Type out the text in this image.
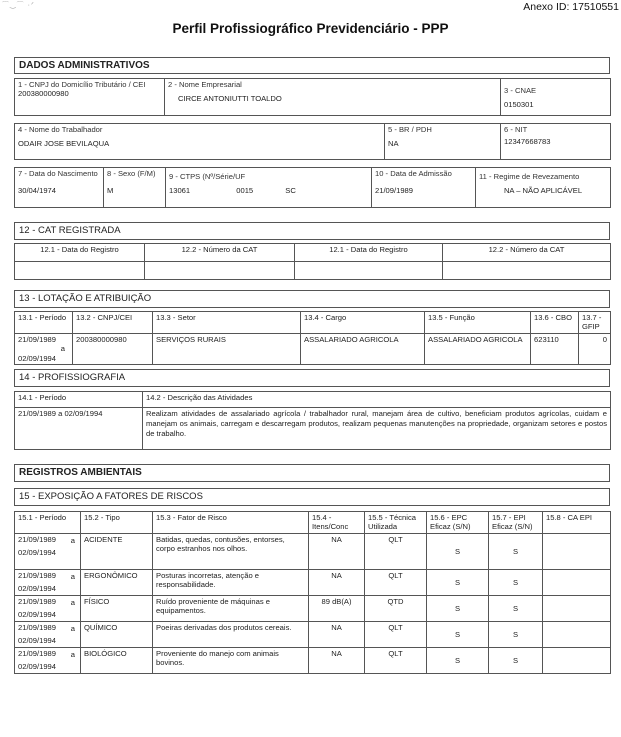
⌒‿⌒ ·ᐟ	Anexo ID: 17510551
Perfil Profissiográfico Previdenciário - PPP
DADOS ADMINISTRATIVOS
1 - CNPJ do Domicílio Tributário / CEI
200380000980	
2 - Nome Empresarial
CIRCE ANTONIUTTI TOALDO

3 - CNAE
0150301
4 - Nome do Trabalhador
ODAIR JOSE BEVILAQUA

5 - BR / PDH
NA

6 - NIT
12347668783
7 - Data do Nascimento
30/04/1974

8 - Sexo (F/M)
M

9 - CTPS (Nº/Série/UF
13061	0015	SC

10 - Data de Admissão
21/09/1989

11 - Regime de Revezamento
NA – NÃO APLICÁVEL
12 - CAT REGISTRADA
12.1 - Data do Registro	12.2 - Número da CAT	12.1 - Data do Registro	12.2 - Número da CAT

13 - LOTAÇÃO E ATRIBUIÇÃO
13.1 - Período	13.2 - CNPJ/CEI	13.3 - Setor	13.4 - Cargo	13.5 - Função	13.6 - CBO	13.7 - GFIP

21/09/1989
a
02/09/1994	200380000980	SERVIÇOS RURAIS	ASSALARIADO AGRICOLA	ASSALARIADO AGRICOLA	623110	0
14 - PROFISSIOGRAFIA
14.1 - Período	14.2 - Descrição das Atividades
21/09/1989 a 02/09/1994	Realizam atividades de assalariado agrícola / trabalhador rural, manejam área de cultivo, beneficiam produtos agrícolas, cuidam e manejam os animais, carregam e descarregam produtos, realizam pequenas manutenções na propriedade, organizam setores e postos de trabalho.
REGISTROS AMBIENTAIS
15 - EXPOSIÇÃO A FATORES DE RISCOS
15.1 - Período	15.2 - Tipo	15.3 - Fator de Risco	15.4 - Itens/Conc	15.5 - Técnica Utilizada	15.6 - EPC Eficaz (S/N)	15.7 - EPI Eficaz (S/N)	15.8 - CA EPI

21/09/1989 a
02/09/1994	ACIDENTE	Batidas, quedas, contusões, entorses, corpo estranhos nos olhos.	NA	QLT	S	S	

21/09/1989 a
02/09/1994	ERGONÔMICO	Posturas incorretas, atenção e responsabilidade.	NA	QLT	S	S	

21/09/1989 a
02/09/1994	FÍSICO	Ruído proveniente de máquinas e equipamentos.	89 dB(A)	QTD	S	S	

21/09/1989 a
02/09/1994	QUÍMICO	Poeiras derivadas dos produtos cereais.	NA	QLT	S	S	

21/09/1989 a
02/09/1994	BIOLÓGICO	Proveniente do manejo com animais bovinos.	NA	QLT	S	S	
